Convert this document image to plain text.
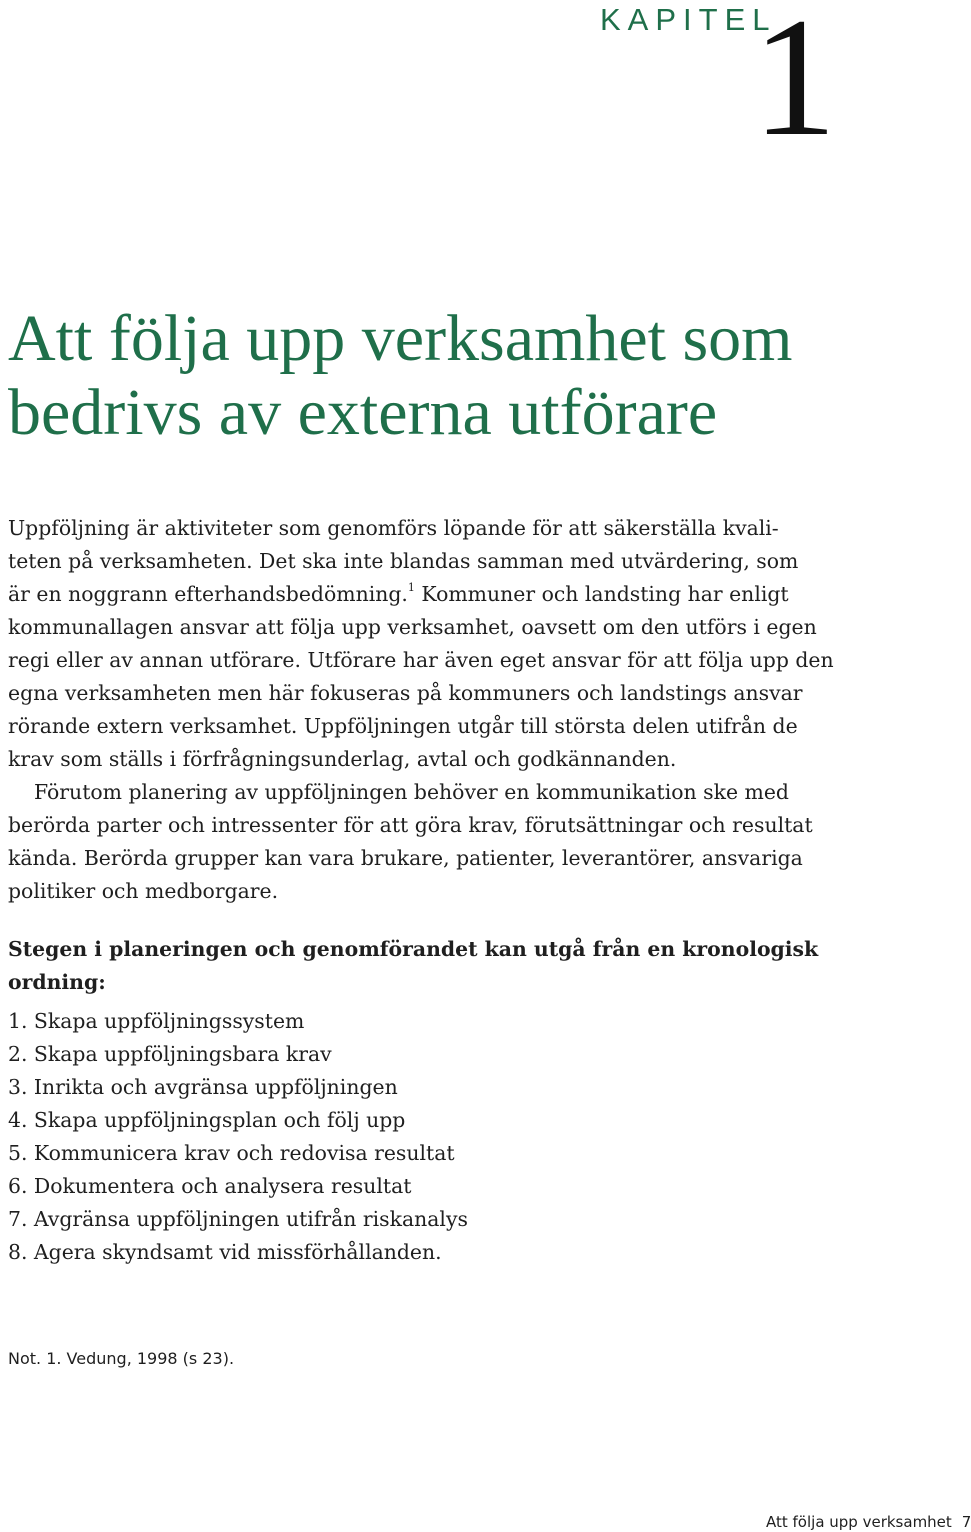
KAPITEL
1
Att följa upp verksamhet som
bedrivs av externa utförare
Uppföljning är aktiviteter som genomförs löpande för att säkerställa kvali-
teten på verksamheten. Det ska inte blandas samman med utvärdering, som
är en noggrann efterhandsbedömning.$^1$ Kommuner och landsting har enligt
kommunallagen ansvar att följa upp verksamhet, oavsett om den utförs i egen
regi eller av annan utförare. Utförare har även eget ansvar för att följa upp den
egna verksamheten men här fokuseras på kommuners och landstings ansvar
rörande extern verksamhet. Uppföljningen utgår till största delen utifrån de
krav som ställs i förfrågningsunderlag, avtal och godkännanden.
Förutom planering av uppföljningen behöver en kommunikation ske med
berörda parter och intressenter för att göra krav, förutsättningar och resultat
kända. Berörda grupper kan vara brukare, patienter, leverantörer, ansvariga
politiker och medborgare.
Stegen i planeringen och genomförandet kan utgå från en kronologisk
ordning:
1. Skapa uppföljningssystem
2. Skapa uppföljningsbara krav
3. Inrikta och avgränsa uppföljningen
4. Skapa uppföljningsplan och följ upp
5. Kommunicera krav och redovisa resultat
6. Dokumentera och analysera resultat
7. Avgränsa uppföljningen utifrån riskanalys
8. Agera skyndsamt vid missförhållanden.
Not. 1. Vedung, 1998 (s 23).
Att följa upp verksamhet 7
